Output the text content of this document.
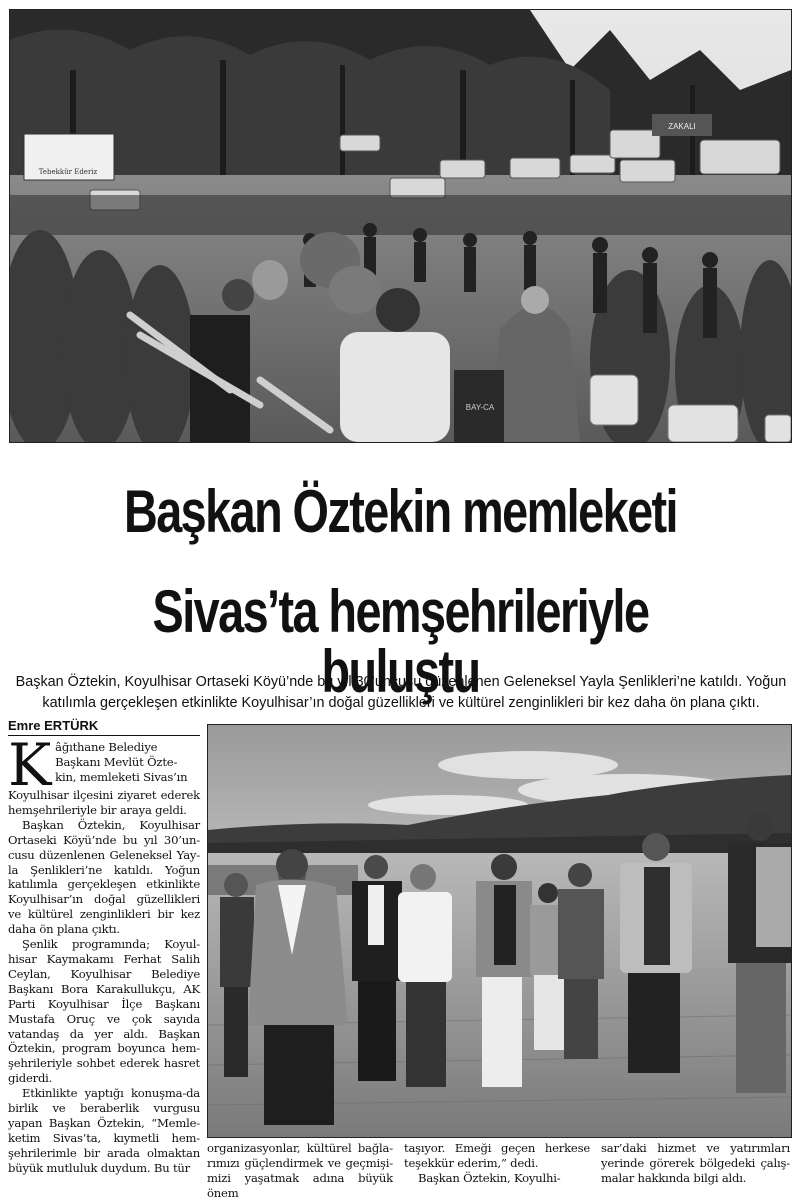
Tebekkür Ederiz
ZAKALI
BAY-CA
Başkan Öztekin memleketi
Sivas’ta hemşehrileriyle buluştu
Başkan Öztekin, Koyulhisar Ortaseki Köyü’nde bu yıl 30’uncusu düzenlenen Geleneksel Yayla Şenlikleri’ne katıldı. Yoğun katılımla gerçekleşen etkinlikte Koyulhisar’ın doğal güzellikleri ve kültürel zenginlikleri bir kez daha ön plana çıktı.
Emre ERTÜRK
K âğıthane Belediye
Başkanı Mevlüt Özte-
kin, memleketi Sivas’ın

Koyulhisar ilçesini ziyaret ederek hemşehrileriyle bir araya geldi.

Başkan Öztekin, Koyulhisar Ortaseki Köyü’nde bu yıl 30’un-cusu düzenlenen Geleneksel Yay-la Şenlikleri’ne katıldı. Yoğun katılımla gerçekleşen etkinlikte Koyulhisar’ın doğal güzellikleri ve kültürel zenginlikleri bir kez daha ön plana çıktı.

Şenlik programında; Koyul-hisar Kaymakamı Ferhat Salih Ceylan, Koyulhisar Belediye Başkanı Bora Karakullukçu, AK Parti Koyulhisar İlçe Başkanı Mustafa Oruç ve çok sayıda vatandaş da yer aldı. Başkan Öztekin, program boyunca hem-şehrileriyle sohbet ederek hasret giderdi.

Etkinlikte yaptığı konuşma-da birlik ve beraberlik vurgusu yapan Başkan Öztekin, “Memle-ketim Sivas’ta, kıymetli hem-şehrilerimle bir arada olmaktan büyük mutluluk duydum. Bu tür

organizasyonlar, kültürel bağla-rımızı güçlendirmek ve geçmişi-mizi yaşatmak adına büyük önem

taşıyor. Emeği geçen herkese teşekkür ederim,” dedi.

Başkan Öztekin, Koyulhi-

sar’daki hizmet ve yatırımları yerinde görerek bölgedeki çalış-malar hakkında bilgi aldı.
